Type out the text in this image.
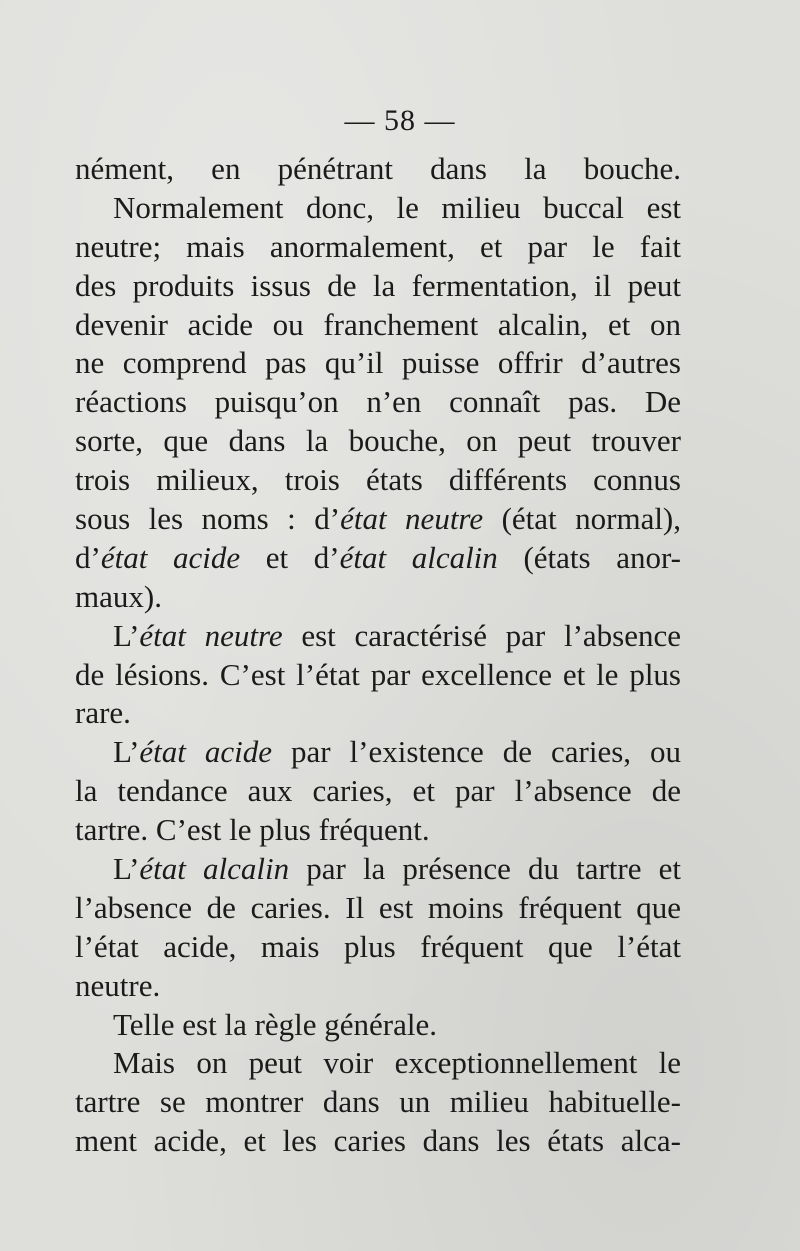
— 58 —
nément, en pénétrant dans la bouche.
Normalement donc, le milieu buccal est
neutre; mais anormalement, et par le fait
des produits issus de la fermentation, il peut
devenir acide ou franchement alcalin, et on
ne comprend pas qu’il puisse offrir d’autres
réactions puisqu’on n’en connaît pas. De
sorte, que dans la bouche, on peut trouver
trois milieux, trois états différents connus
sous les noms : d’état neutre (état normal),
d’état acide et d’état alcalin (états anor-
maux).
L’état neutre est caractérisé par l’absence
de lésions. C’est l’état par excellence et le plus
rare.
L’état acide par l’existence de caries, ou
la tendance aux caries, et par l’absence de
tartre. C’est le plus fréquent.
L’état alcalin par la présence du tartre et
l’absence de caries. Il est moins fréquent que
l’état acide, mais plus fréquent que l’état
neutre.
Telle est la règle générale.
Mais on peut voir exceptionnellement le
tartre se montrer dans un milieu habituelle-
ment acide, et les caries dans les états alca-
